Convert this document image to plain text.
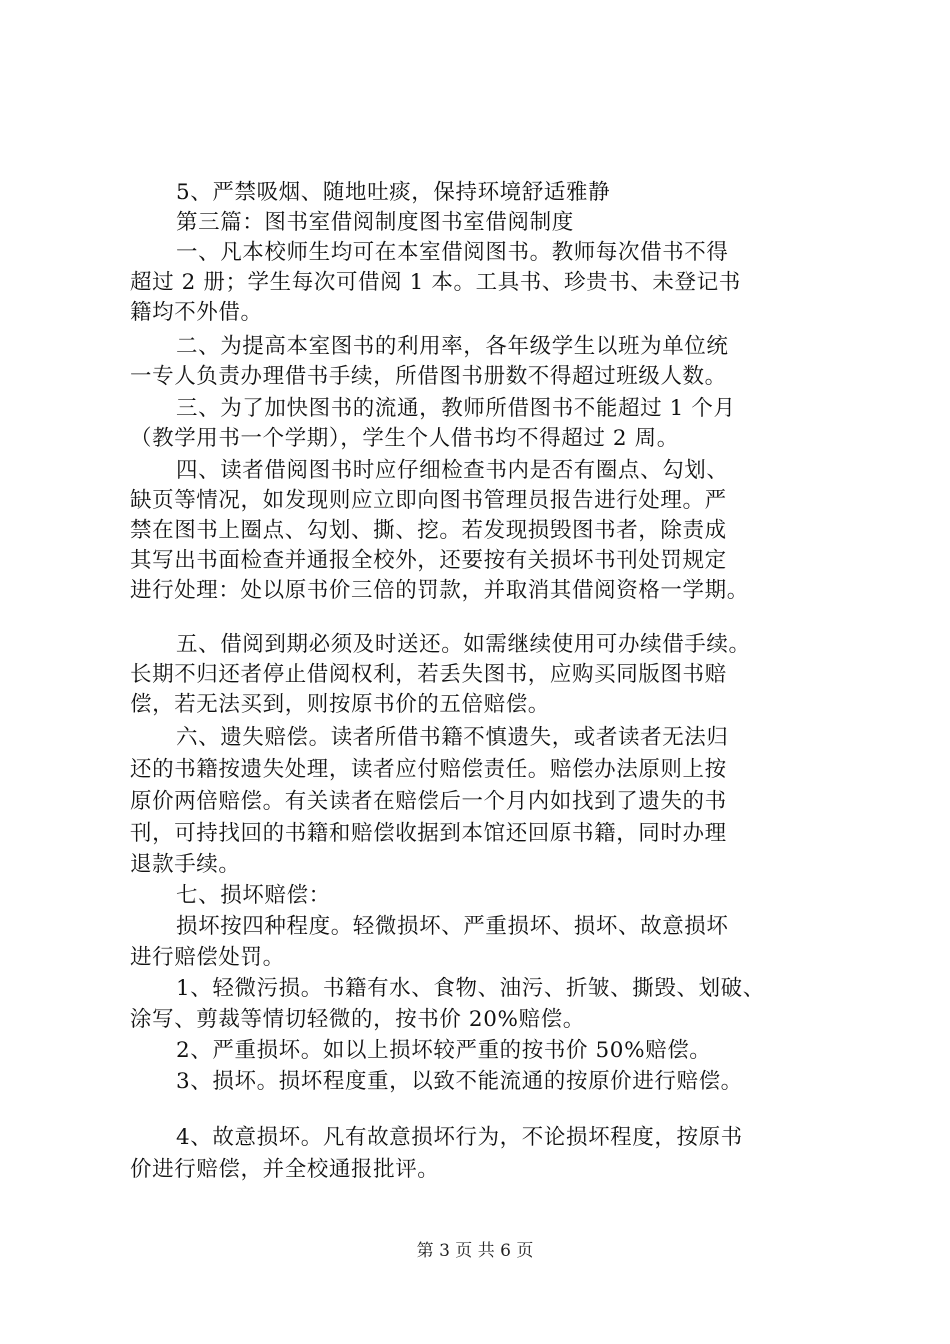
5、严禁吸烟、随地吐痰，保持环境舒适雅静
第三篇：图书室借阅制度图书室借阅制度
一、凡本校师生均可在本室借阅图书。教师每次借书不得
超过 2 册；学生每次可借阅 1 本。工具书、珍贵书、未登记书
籍均不外借。
二、为提高本室图书的利用率，各年级学生以班为单位统
一专人负责办理借书手续，所借图书册数不得超过班级人数。
三、为了加快图书的流通，教师所借图书不能超过 1 个月
（教学用书一个学期），学生个人借书均不得超过 2 周。
四、读者借阅图书时应仔细检查书内是否有圈点、勾划、
缺页等情况，如发现则应立即向图书管理员报告进行处理。严
禁在图书上圈点、勾划、撕、挖。若发现损毁图书者，除责成
其写出书面检查并通报全校外，还要按有关损坏书刊处罚规定
进行处理：处以原书价三倍的罚款，并取消其借阅资格一学期。
五、借阅到期必须及时送还。如需继续使用可办续借手续。
长期不归还者停止借阅权利，若丢失图书，应购买同版图书赔
偿，若无法买到，则按原书价的五倍赔偿。
六、遗失赔偿。读者所借书籍不慎遗失，或者读者无法归
还的书籍按遗失处理，读者应付赔偿责任。赔偿办法原则上按
原价两倍赔偿。有关读者在赔偿后一个月内如找到了遗失的书
刊，可持找回的书籍和赔偿收据到本馆还回原书籍，同时办理
退款手续。
七、损坏赔偿：
损坏按四种程度。轻微损坏、严重损坏、损坏、故意损坏
进行赔偿处罚。
1、轻微污损。书籍有水、食物、油污、折皱、撕毁、划破、
涂写、剪裁等情切轻微的，按书价 20%赔偿。
2、严重损坏。如以上损坏较严重的按书价 50%赔偿。
3、损坏。损坏程度重，以致不能流通的按原价进行赔偿。
4、故意损坏。凡有故意损坏行为，不论损坏程度，按原书
价进行赔偿，并全校通报批评。
第 3 页 共 6 页
